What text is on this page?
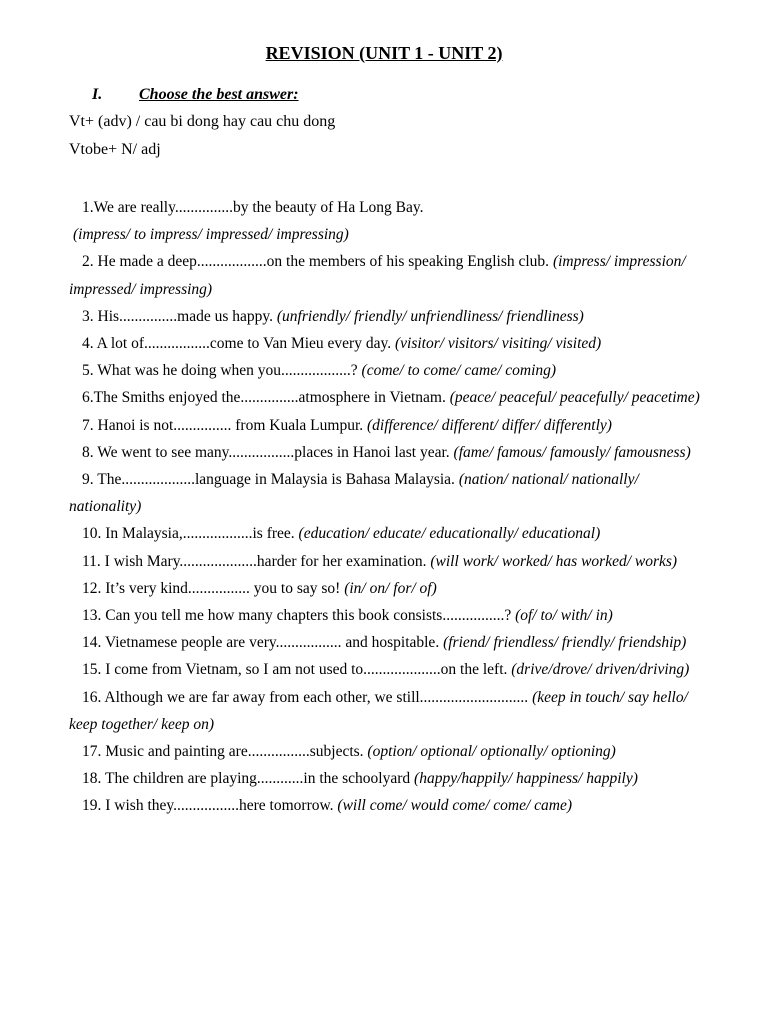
REVISION (UNIT 1 - UNIT 2)
I. Choose the best answer:
Vt+ (adv) / cau bi dong hay cau chu dong
Vtobe+ N/ adj

1.We are really...............by the beauty of Ha Long Bay.

(impress/ to impress/ impressed/ impressing)

2. He made a deep..................on the members of his speaking English club. (impress/ impression/ impressed/ impressing)

3. His...............made us happy. (unfriendly/ friendly/ unfriendliness/ friendliness)

4. A lot of.................come to Van Mieu every day. (visitor/ visitors/ visiting/ visited)

5. What was he doing when you..................? (come/ to come/ came/ coming)

6.The Smiths enjoyed the...............atmosphere in Vietnam. (peace/ peaceful/ peacefully/ peacetime)

7. Hanoi is not............... from Kuala Lumpur. (difference/ different/ differ/ differently)

8. We went to see many.................places in Hanoi last year. (fame/ famous/ famously/ famousness)

9. The...................language in Malaysia is Bahasa Malaysia. (nation/ national/ nationally/ nationality)

10. In Malaysia,..................is free. (education/ educate/ educationally/ educational)

11. I wish Mary....................harder for her examination. (will work/ worked/ has worked/ works)

12. It’s very kind................ you to say so! (in/ on/ for/ of)

13. Can you tell me how many chapters this book consists................? (of/ to/ with/ in)

14. Vietnamese people are very................. and hospitable. (friend/ friendless/ friendly/ friendship)

15. I come from Vietnam, so I am not used to....................on the left. (drive/drove/ driven/driving)

16. Although we are far away from each other, we still............................ (keep in touch/ say hello/ keep together/ keep on)

17. Music and painting are................subjects. (option/ optional/ optionally/ optioning)

18. The children are playing............in the schoolyard (happy/happily/ happiness/ happily)

19. I wish they.................here tomorrow. (will come/ would come/ come/ came)
